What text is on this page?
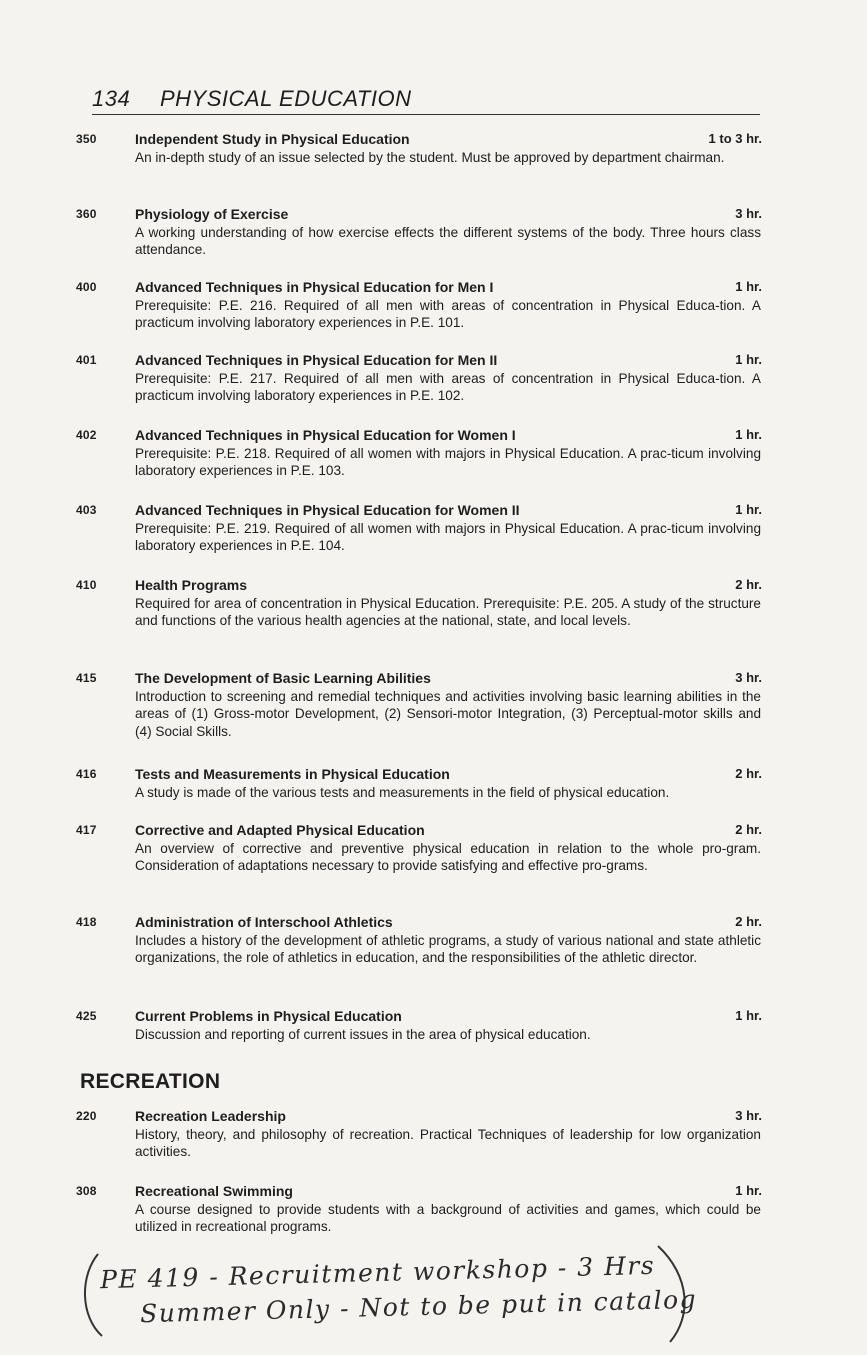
134 PHYSICAL EDUCATION
350	Independent Study in Physical Education	1 to 3 hr.
An in-depth study of an issue selected by the student. Must be approved by department chairman.
360	Physiology of Exercise	3 hr.
A working understanding of how exercise effects the different systems of the body. Three hours class attendance.
400	Advanced Techniques in Physical Education for Men I	1 hr.
Prerequisite: P.E. 216. Required of all men with areas of concentration in Physical Educa-tion. A practicum involving laboratory experiences in P.E. 101.
401	Advanced Techniques in Physical Education for Men II	1 hr.
Prerequisite: P.E. 217. Required of all men with areas of concentration in Physical Educa-tion. A practicum involving laboratory experiences in P.E. 102.
402	Advanced Techniques in Physical Education for Women I	1 hr.
Prerequisite: P.E. 218. Required of all women with majors in Physical Education. A prac-ticum involving laboratory experiences in P.E. 103.
403	Advanced Techniques in Physical Education for Women II	1 hr.
Prerequisite: P.E. 219. Required of all women with majors in Physical Education. A prac-ticum involving laboratory experiences in P.E. 104.
410	Health Programs	2 hr.
Required for area of concentration in Physical Education. Prerequisite: P.E. 205. A study of the structure and functions of the various health agencies at the national, state, and local levels.
415	The Development of Basic Learning Abilities	3 hr.
Introduction to screening and remedial techniques and activities involving basic learning abilities in the areas of (1) Gross-motor Development, (2) Sensori-motor Integration, (3) Perceptual-motor skills and (4) Social Skills.
416	Tests and Measurements in Physical Education	2 hr.
A study is made of the various tests and measurements in the field of physical education.
417	Corrective and Adapted Physical Education	2 hr.
An overview of corrective and preventive physical education in relation to the whole pro-gram. Consideration of adaptations necessary to provide satisfying and effective pro-grams.
418	Administration of Interschool Athletics	2 hr.
Includes a history of the development of athletic programs, a study of various national and state athletic organizations, the role of athletics in education, and the responsibilities of the athletic director.
425	Current Problems in Physical Education	1 hr.
Discussion and reporting of current issues in the area of physical education.
RECREATION
220	Recreation Leadership	3 hr.
History, theory, and philosophy of recreation. Practical Techniques of leadership for low organization activities.
308	Recreational Swimming	1 hr.
A course designed to provide students with a background of activities and games, which could be utilized in recreational programs.
PE 419 - Recruitment workshop - 3 Hrs
Summer Only - Not to be put in catalog
